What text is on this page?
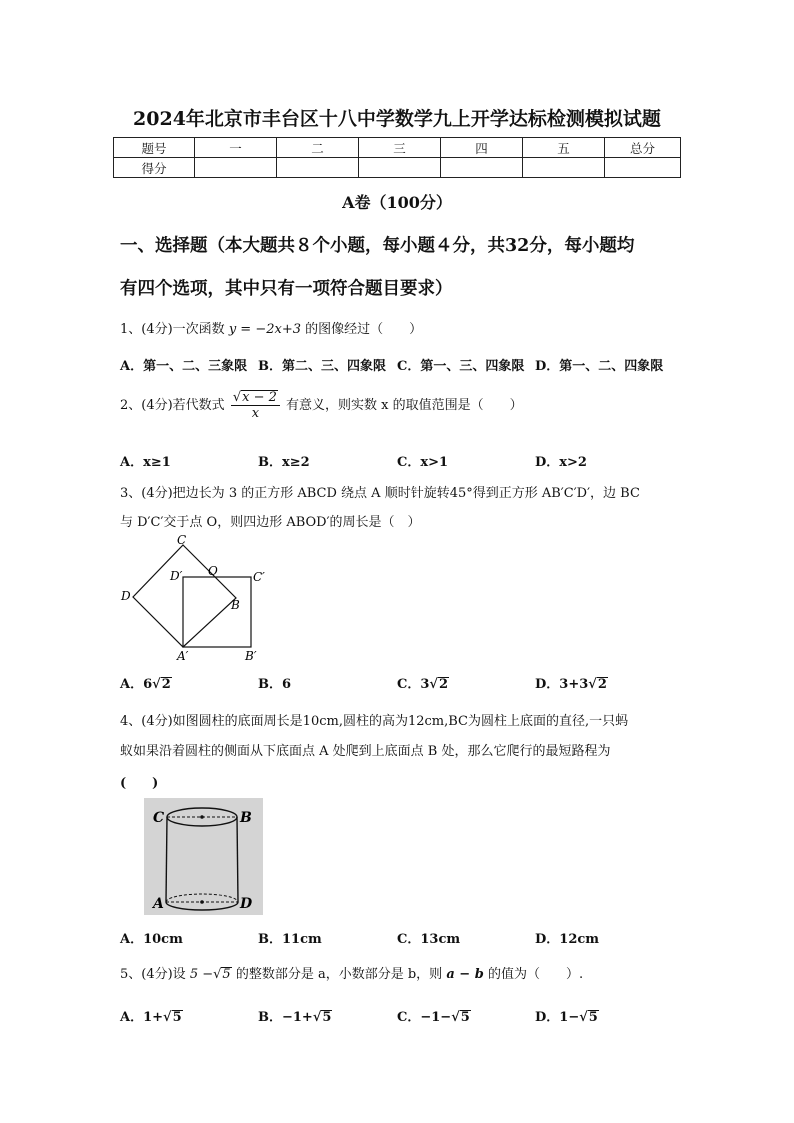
2024年北京市丰台区十八中学数学九上开学达标检测模拟试题
题号	一	二	三	四	五	总分
得分						
A卷（100分）
一、选择题（本大题共８个小题，每小题４分，共32分，每小题均
有四个选项，其中只有一项符合题目要求）
1、(4分)一次函数 y = −2x+3 的图像经过（　　）
A．第一、二、三象限 B．第二、三、四象限 C．第一、三、四象限 D．第一、二、四象限
2、(4分)若代数式 $\frac{√x - 2}{x}$ 有意义，则实数 x 的取值范围是（　　）
A．x≥1	B．x≥2	C．x>1	D．x>2
3、(4分)把边长为 3 的正方形 ABCD 绕点 A 顺时针旋转45°得到正方形 AB′C′D′，边 BC
与 D′C′交于点 O，则四边形 ABOD′的周长是（　）
C
D′ O	C′
D
B
A′	B′
A．6√2	B．6	C．3√2	D．3+3√2
4、(4分)如图圆柱的底面周长是10cm,圆柱的高为12cm,BC为圆柱上底面的直径,一只蚂
蚁如果沿着圆柱的侧面从下底面点 A 处爬到上底面点 B 处，那么它爬行的最短路程为
(　　)
C	B
A	D
A．10cm	B．11cm	C．13cm	D．12cm
5、(4分)设 5 −√5 的整数部分是 a，小数部分是 b，则 a − b 的值为（　　）.
A．1+√5	B．−1+√5	C．−1−√5	D．1−√5
